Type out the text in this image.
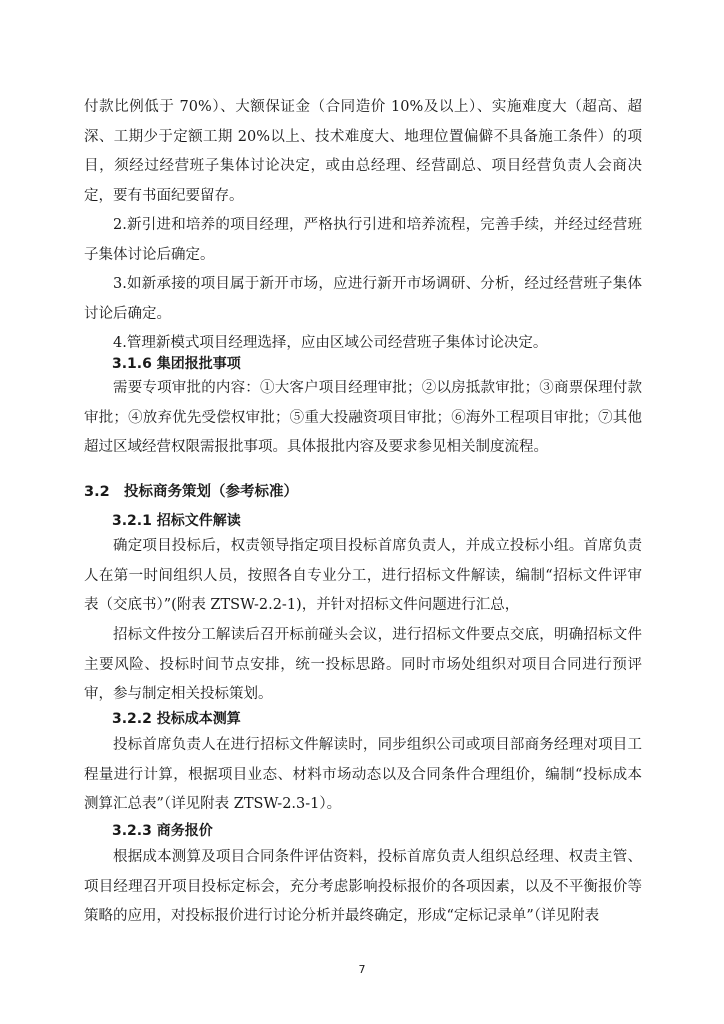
付款比例低于 70%）、大额保证金（合同造价 10%及以上）、实施难度大（超高、超深、工期少于定额工期 20%以上、技术难度大、地理位置偏僻不具备施工条件）的项目，须经过经营班子集体讨论决定，或由总经理、经营副总、项目经营负责人会商决定，要有书面纪要留存。

2.新引进和培养的项目经理，严格执行引进和培养流程，完善手续，并经过经营班子集体讨论后确定。

3.如新承接的项目属于新开市场，应进行新开市场调研、分析，经过经营班子集体讨论后确定。

4.管理新模式项目经理选择，应由区域公司经营班子集体讨论决定。

3.1.6 集团报批事项

需要专项审批的内容：①大客户项目经理审批；②以房抵款审批；③商票保理付款审批；④放弃优先受偿权审批；⑤重大投融资项目审批；⑥海外工程项目审批；⑦其他超过区域经营权限需报批事项。具体报批内容及要求参见相关制度流程。

3.2 投标商务策划（参考标准）
3.2.1 招标文件解读

确定项目投标后，权责领导指定项目投标首席负责人，并成立投标小组。首席负责人在第一时间组织人员，按照各自专业分工，进行招标文件解读，编制“招标文件评审表（交底书）”(附表 ZTSW-2.2-1)，并针对招标文件问题进行汇总，

招标文件按分工解读后召开标前碰头会议，进行招标文件要点交底，明确招标文件主要风险、投标时间节点安排，统一投标思路。同时市场处组织对项目合同进行预评审，参与制定相关投标策划。

3.2.2 投标成本测算

投标首席负责人在进行招标文件解读时，同步组织公司或项目部商务经理对项目工程量进行计算，根据项目业态、材料市场动态以及合同条件合理组价，编制“投标成本测算汇总表”（详见附表 ZTSW-2.3-1）。

3.2.3 商务报价

根据成本测算及项目合同条件评估资料，投标首席负责人组织总经理、权责主管、项目经理召开项目投标定标会，充分考虑影响投标报价的各项因素，以及不平衡报价等策略的应用，对投标报价进行讨论分析并最终确定，形成“定标记录单”（详见附表

7
